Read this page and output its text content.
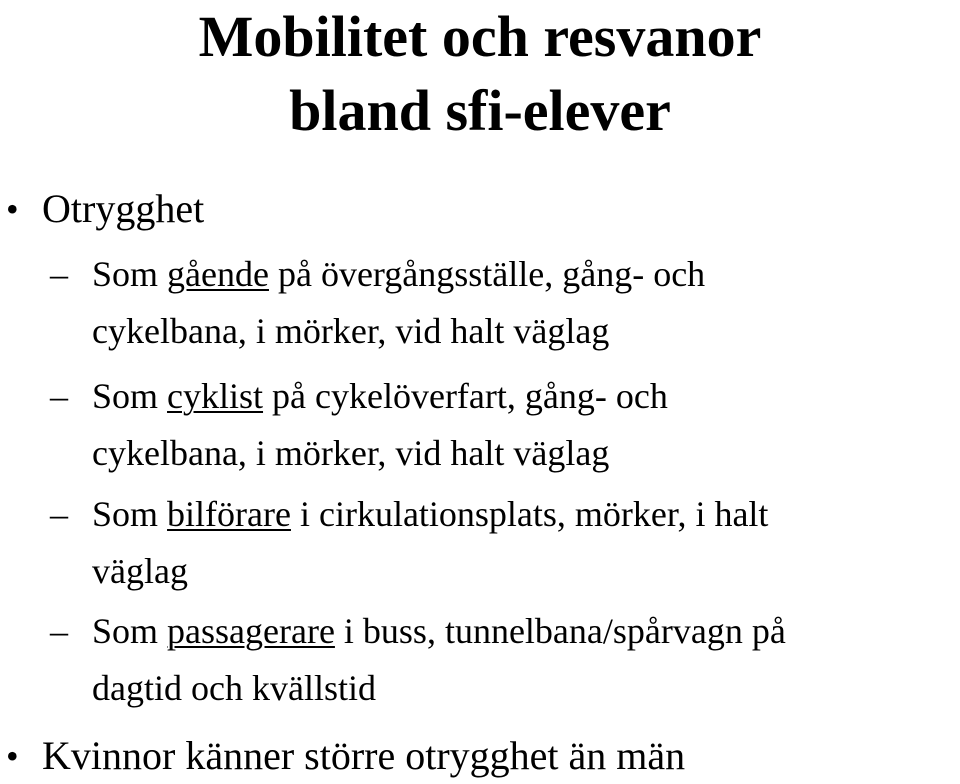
Mobilitet och resvanor
bland sfi-elever
• Otrygghet
– Som gående på övergångsställe, gång- och
cykelbana, i mörker, vid halt väglag
– Som cyklist på cykelöverfart, gång- och
cykelbana, i mörker, vid halt väglag
– Som bilförare i cirkulationsplats, mörker, i halt
väglag
– Som passagerare i buss, tunnelbana/spårvagn på
dagtid och kvällstid
• Kvinnor känner större otrygghet än män
